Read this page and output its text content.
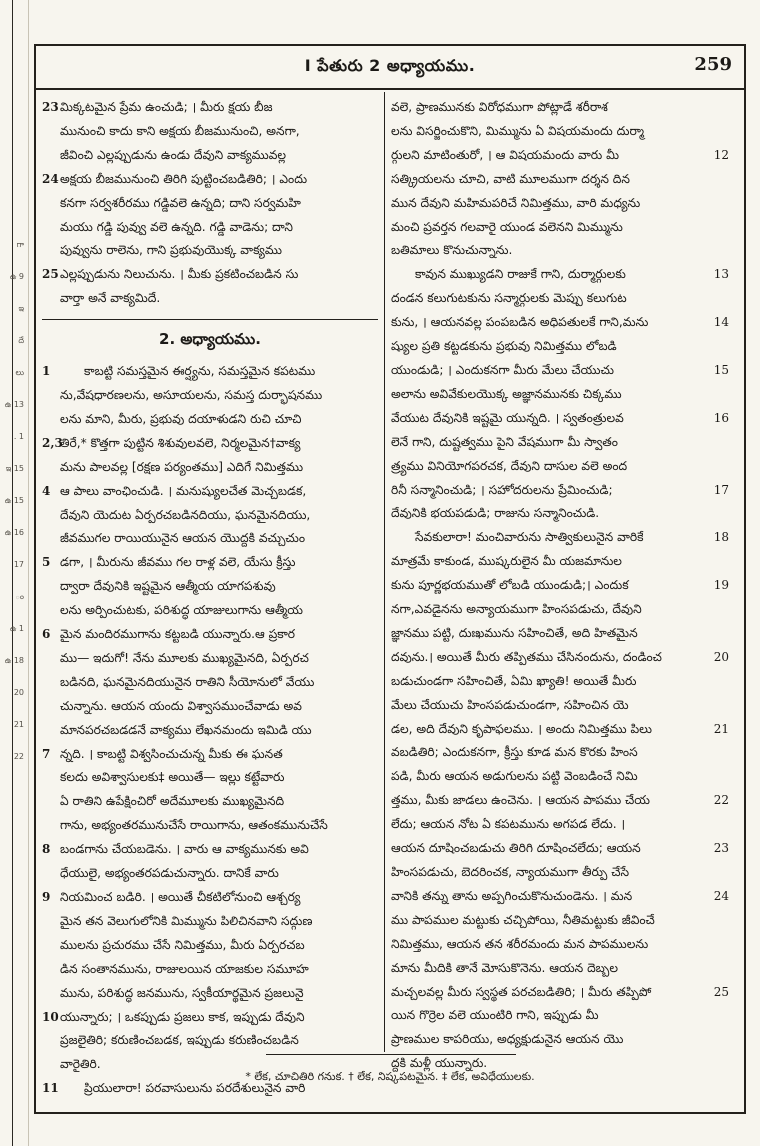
గా
ఉ 9
ఇ
దే
లు
ఉ 13
. 1
ఇ 15
ఉ 15
ఉ 16
17
ం
ఉ 1
ఉ 18
20
21
22
I పేతురు 2 అధ్యాయము.	259
23 మిక్కటమైన ప్రేమ ఉంచుడి; । మీరు క్షయ బీజ
మునుంచి కాదు కాని అక్షయ బీజమునుంచి, అనగా,
జీవించి ఎల్లప్పుడును ఉండు దేవుని వాక్యమువల్ల
24 అక్షయ బీజమునుంచి తిరిగి పుట్టించబడితిరి; । ఎందు
కనగా సర్వశరీరము గడ్డివలె ఉన్నది; దాని సర్వమహి
మయు గడ్డి పువ్వు వలె ఉన్నది. గడ్డి వాడెను; దాని
పువ్వును రాలెను, గాని ప్రభువుయొక్క వాక్యము
25 ఎల్లప్పుడును నిలుచును. । మీకు ప్రకటించబడిన సు
వార్తా అనే వాక్యమిదే.
2. అధ్యాయము.
1	కాబట్టి సమస్తమైన ఈర్ష్యను, సమస్తమైన కపటము
ను,వేషధారణలను, అసూయలను, సమస్త దుర్భాషనము
లను మాని, మీరు, ప్రభువు దయాళుడని రుచి చూచి
2,3
తిరే,* కొత్తగా పుట్టిన శిశువులవలె, నిర్మలమైన†వాక్య
మను పాలవల్ల [రక్షణ పర్యంతము] ఎదిగే నిమిత్తము
4 ఆ పాలు వాంఛించుడి. । మనుష్యులచేత మెచ్చబడక,
దేవుని యెదుట ఏర్పరచబడినదియు, ఘనమైనదియు,
జీవముగల రాయియునైన ఆయన యొద్దకి వచ్చుచుం
5 డగా, । మీరును జీవము గల రాళ్ల వలె, యేసు క్రీస్తు
ద్వారా దేవునికి ఇష్టమైన ఆత్మీయ యాగపశువు
లను అర్పించుటకు, పరిశుద్ధ యాజులుగాను ఆత్మీయ
6 మైన మందిరముగాను కట్టబడి యున్నారు.ఆ ప్రకార
ము— ఇదుగో! నేను మూలకు ముఖ్యమైనది, ఏర్పరచ
బడినది, ఘనమైనదియునైన రాతిని సీయోనులో వేయు
చున్నాను. ఆయన యందు విశ్వాసముంచేవాడు అవ
మానపరచబడడనే వాక్యము లేఖనమందు ఇమిడి యు
7 న్నది. । కాబట్టి విశ్వసించుచున్న మీకు ఈ ఘనత
కలదు అవిశ్వాసులకు‡ అయితే— ఇల్లు కట్టేవారు
ఏ రాతిని ఉపేక్షించిరో అదేమూలకు ముఖ్యమైనది
గాను, అభ్యంతరమునుచేసే రాయిగాను, ఆతంకమునుచేసే
8 బండగాను చేయబడెను. । వారు ఆ వాక్యమునకు అవి
ధేయులై, అభ్యంతరపడుచున్నారు. దానికే వారు
9 నియమించ బడిరి. । అయితే చీకటిలోనుంచి ఆశ్చర్య
మైన తన వెలుగులోనికి మిమ్మును పిలిచినవాని సద్గుణ
ములను ప్రచురము చేసే నిమిత్తము, మీరు ఏర్పరచబ
డిన సంతానమును, రాజులయిన యాజకుల సమూహ
మును, పరిశుద్ధ జనమును, స్వకీయార్థమైన ప్రజలునై
10 యున్నారు; । ఒకప్పుడు ప్రజలు కాక, ఇప్పుడు దేవుని
ప్రజలైతిరి; కరుణించబడక, ఇప్పుడు కరుణించబడిన
వారైతిరి.
11	ప్రియులారా! పరవాసులును పరదేశులునైన వారి
వలె, ప్రాణమునకు విరోధముగా పోట్లాడే శరీరాశ
లను విసర్జించుకొని, మిమ్మును ఏ విషయమందు దుర్మా
ర్గులని మాటింతురో, । ఆ విషయమందు వారు మీ	12
సత్క్రియలను చూచి, వాటి మూలముగా దర్శన దిన
మున దేవుని మహిమపరిచే నిమిత్తము, వారి మధ్యను
మంచి ప్రవర్తన గలవారై యుండ వలెనని మిమ్మును
బతిమాలు కొనుచున్నాను.
కావున ముఖ్యుడని రాజుకే గాని, దుర్మార్గులకు	13
దండన కలుగుటకును సన్మార్గులకు మెప్పు కలుగుట
కును, । ఆయనవల్ల పంపబడిన అధిపతులకే గాని,మను	14
ష్యుల ప్రతి కట్టడకును ప్రభువు నిమిత్తము లోబడి
యుండుడి; । ఎందుకనగా మీరు మేలు చేయుచు	15
అలాను అవివేకులయొక్క అజ్ఞానమునకు చిక్కము
వేయుట దేవునికి ఇష్టమై యున్నది. । స్వతంత్రులవ	16
లెనే గాని, దుష్టత్వము పైని వేషముగా మీ స్వాతం
త్ర్యము వినియోగపరచక, దేవుని దాసుల వలె అంద
రినీ సన్మానించుడి; । సహోదరులను ప్రేమించుడి;	17
దేవునికి భయపడుడి; రాజును సన్మానించుడి.
సేవకులారా! మంచివారును సాత్వికులునైన వారికే	18
మాత్రమే కాకుండ, ముష్కరులైన మీ యజమానుల
కును పూర్ణభయముతో లోబడి యుండుడి;। ఎందుక	19
నగా,ఎవడైనను అన్యాయముగా హింసపడుచు, దేవుని
జ్ఞానము పట్టి, దుఃఖమును సహించితే, అది హితమైన
దవును.। అయితే మీరు తప్పితము చేసినందును, దండించ	20
బడుచుండగా సహించితే, ఏమి ఖ్యాతి! అయితే మీరు
మేలు చేయుచు హింసపడుచుండగా, సహించిన యె
డల, అది దేవుని కృపాఫలము. । అందు నిమిత్తము పిలు	21
వబడితిరి; ఎందుకనగా, క్రీస్తు కూడ మన కొరకు హింస
పడి, మీరు ఆయన అడుగులను పట్టి వెంబడించే నిమి
త్తము, మీకు జాడలు ఉంచెను. । ఆయన పాపము చేయ	22
లేదు; ఆయన నోట ఏ కపటమును అగపడ లేదు. ।
ఆయన దూషించబడుచు తిరిగి దూషించలేదు; ఆయన	23
హింసపడుచు, బెదరించక, న్యాయముగా తీర్పు చేసే
వానికి తన్ను తాను అప్పగించుకొనుచుండెను. । మన	24
ము పాపముల మట్టుకు చచ్చిపోయి, నీతిమట్టుకు జీవించే
నిమిత్తము, ఆయన తన శరీరమందు మన పాపములను
మాను మీదికి తానే మోసుకొనెను. ఆయన దెబ్బల
మచ్చలవల్ల మీరు స్వస్థత పరచబడితిరి; । మీరు తప్పిపో	25
యిన గొర్రెల వలె యుంటిరి గాని, ఇప్పుడు మీ
ప్రాణముల కాపరియు, అధ్యక్షుడునైన ఆయన యొ
ద్దకి మళ్లీ యున్నారు.
* లేక, చూచితిరి గనుక. † లేక, నిష్కపటమైన. ‡ లేక, అవిధేయులకు.
